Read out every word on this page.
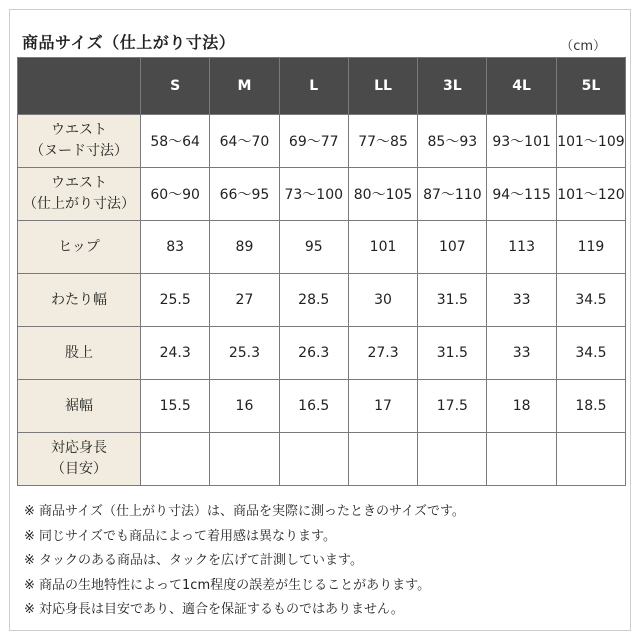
商品サイズ（仕上がり寸法）	（cm）
	S	M	L	LL	3L	4L	5L

ウエスト
（ヌード寸法）	58～64	64～70	69～77	77～85	85～93	93～101	101～109

ウエスト
（仕上がり寸法）	60～90	66～95	73～100	80～105	87～110	94～115	101～120

ヒップ	83	89	95	101	107	113	119

わたり幅	25.5	27	28.5	30	31.5	33	34.5

股上	24.3	25.3	26.3	27.3	31.5	33	34.5

裾幅	15.5	16	16.5	17	17.5	18	18.5

対応身長
（目安）							

※ 商品サイズ（仕上がり寸法）は、商品を実際に測ったときのサイズです。
※ 同じサイズでも商品によって着用感は異なります。
※ タックのある商品は、タックを広げて計測しています。
※ 商品の生地特性によって1cm程度の誤差が生じることがあります。
※ 対応身長は目安であり、適合を保証するものではありません。
